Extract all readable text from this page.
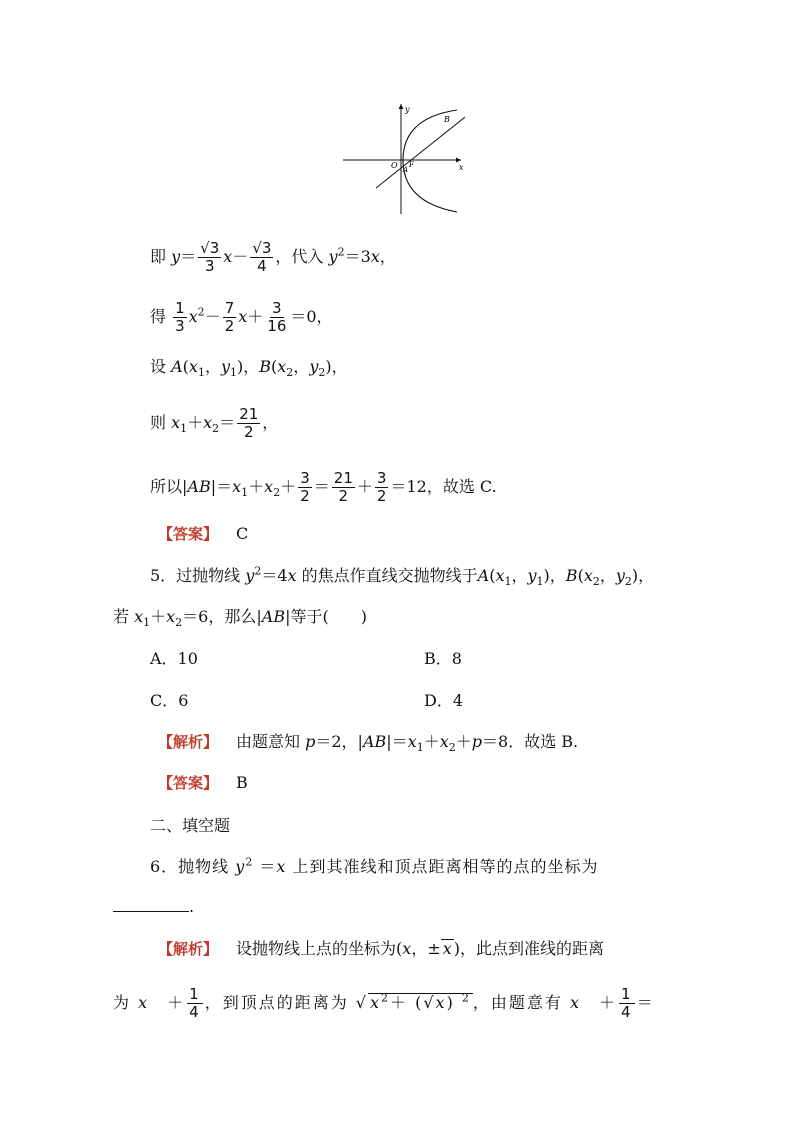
y
x
O A
F
B
即 $y= \frac{√3}{3} x- \frac{√3}{4}$ ，代入 $y^2=3x$，
得 $\frac{1}{3} x^2- \frac{7}{2} x+ \frac{3}{16} =0$，
设 $A(x_1$，$y_1$)，$B(x_2$，$y_2$)，
则 $x_1+x_2= \frac{21}{2}$ ，
所以$|AB|=x_1+x_2+ \frac{3}{2} = \frac{21}{2} + \frac{3}{2} =12$，故选 C.
【答案】 C
5．过抛物线 $y^2=4x$ 的焦点作直线交抛物线于$A(x_1$，$y_1$)，$B(x_2$，$y_2$)，
若 $x_1+x_2=6$，那么|AB|等于(　　)
A．10	B．8
C．6	D．4
【解析】 由题意知 p＝2，$|AB|=x_1+x_2+p=8$．故选 B.
【答案】 B
二、填空题
6．抛物线 $y^2 =x$ 上到其准线和顶点距离相等的点的坐标为
.
【解析】 设抛物线上点的坐标为(x，± x )，此点到准线的距离
为 x　＋ $\frac{1}{4}$ ，到顶点的距离为 √ $x^2+ (√x)$ $^2$ ，由题意有 x　＋ $\frac{1}{4}$ ＝
